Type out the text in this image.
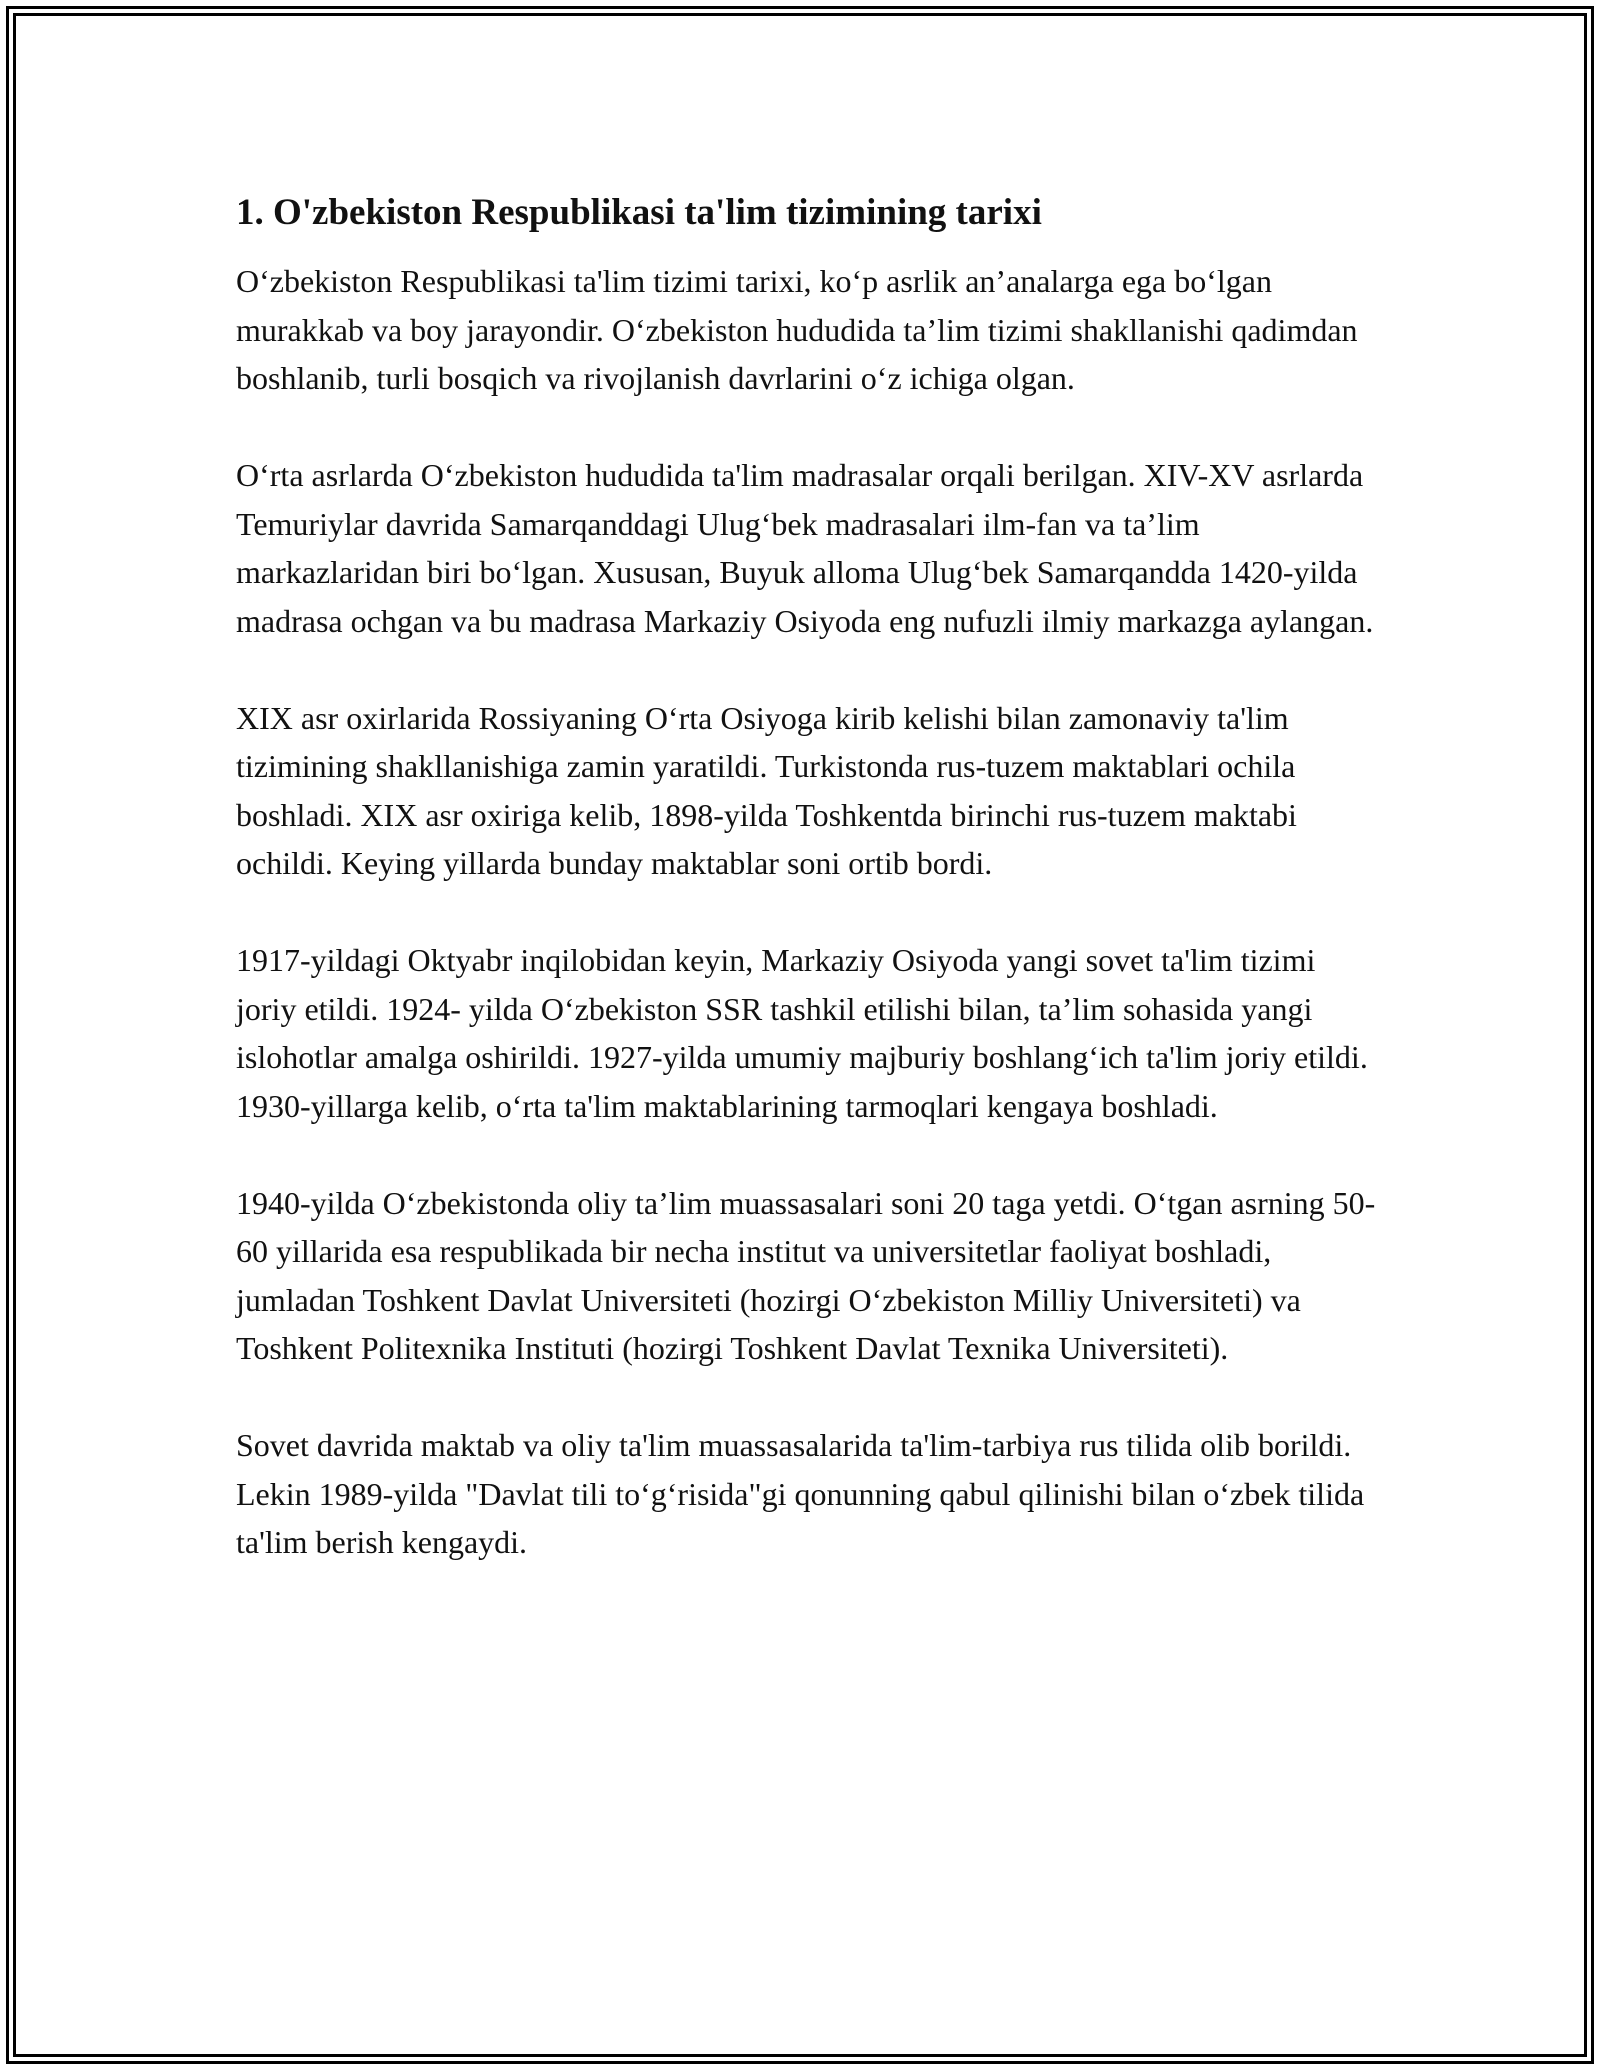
1. O'zbekiston Respublikasi ta'lim tizimining tarixi

O‘zbekiston Respublikasi ta'lim tizimi tarixi, ko‘p asrlik an’analarga ega bo‘lgan murakkab va boy jarayondir. O‘zbekiston hududida ta’lim tizimi shakllanishi qadimdan boshlanib, turli bosqich va rivojlanish davrlarini o‘z ichiga olgan.

O‘rta asrlarda O‘zbekiston hududida ta'lim madrasalar orqali berilgan. XIV-XV asrlarda Temuriylar davrida Samarqanddagi Ulug‘bek madrasalari ilm-fan va ta’lim markazlaridan biri bo‘lgan. Xususan, Buyuk alloma Ulug‘bek Samarqandda 1420-yilda madrasa ochgan va bu madrasa Markaziy Osiyoda eng nufuzli ilmiy markazga aylangan.

XIX asr oxirlarida Rossiyaning O‘rta Osiyoga kirib kelishi bilan zamonaviy ta'lim tizimining shakllanishiga zamin yaratildi. Turkistonda rus-tuzem maktablari ochila boshladi. XIX asr oxiriga kelib, 1898-yilda Toshkentda birinchi rus-tuzem maktabi ochildi. Keying yillarda bunday maktablar soni ortib bordi.

1917-yildagi Oktyabr inqilobidan keyin, Markaziy Osiyoda yangi sovet ta'lim tizimi joriy etildi. 1924- yilda O‘zbekiston SSR tashkil etilishi bilan, ta’lim sohasida yangi islohotlar amalga oshirildi. 1927-yilda umumiy majburiy boshlang‘ich ta'lim joriy etildi. 1930-yillarga kelib, o‘rta ta'lim maktablarining tarmoqlari kengaya boshladi.

1940-yilda O‘zbekistonda oliy ta’lim muassasalari soni 20 taga yetdi. O‘tgan asrning 50-60 yillarida esa respublikada bir necha institut va universitetlar faoliyat boshladi, jumladan Toshkent Davlat Universiteti (hozirgi O‘zbekiston Milliy Universiteti) va Toshkent Politexnika Instituti (hozirgi Toshkent Davlat Texnika Universiteti).

Sovet davrida maktab va oliy ta'lim muassasalarida ta'lim-tarbiya rus tilida olib borildi. Lekin 1989-yilda "Davlat tili to‘g‘risida"gi qonunning qabul qilinishi bilan o‘zbek tilida ta'lim berish kengaydi.
